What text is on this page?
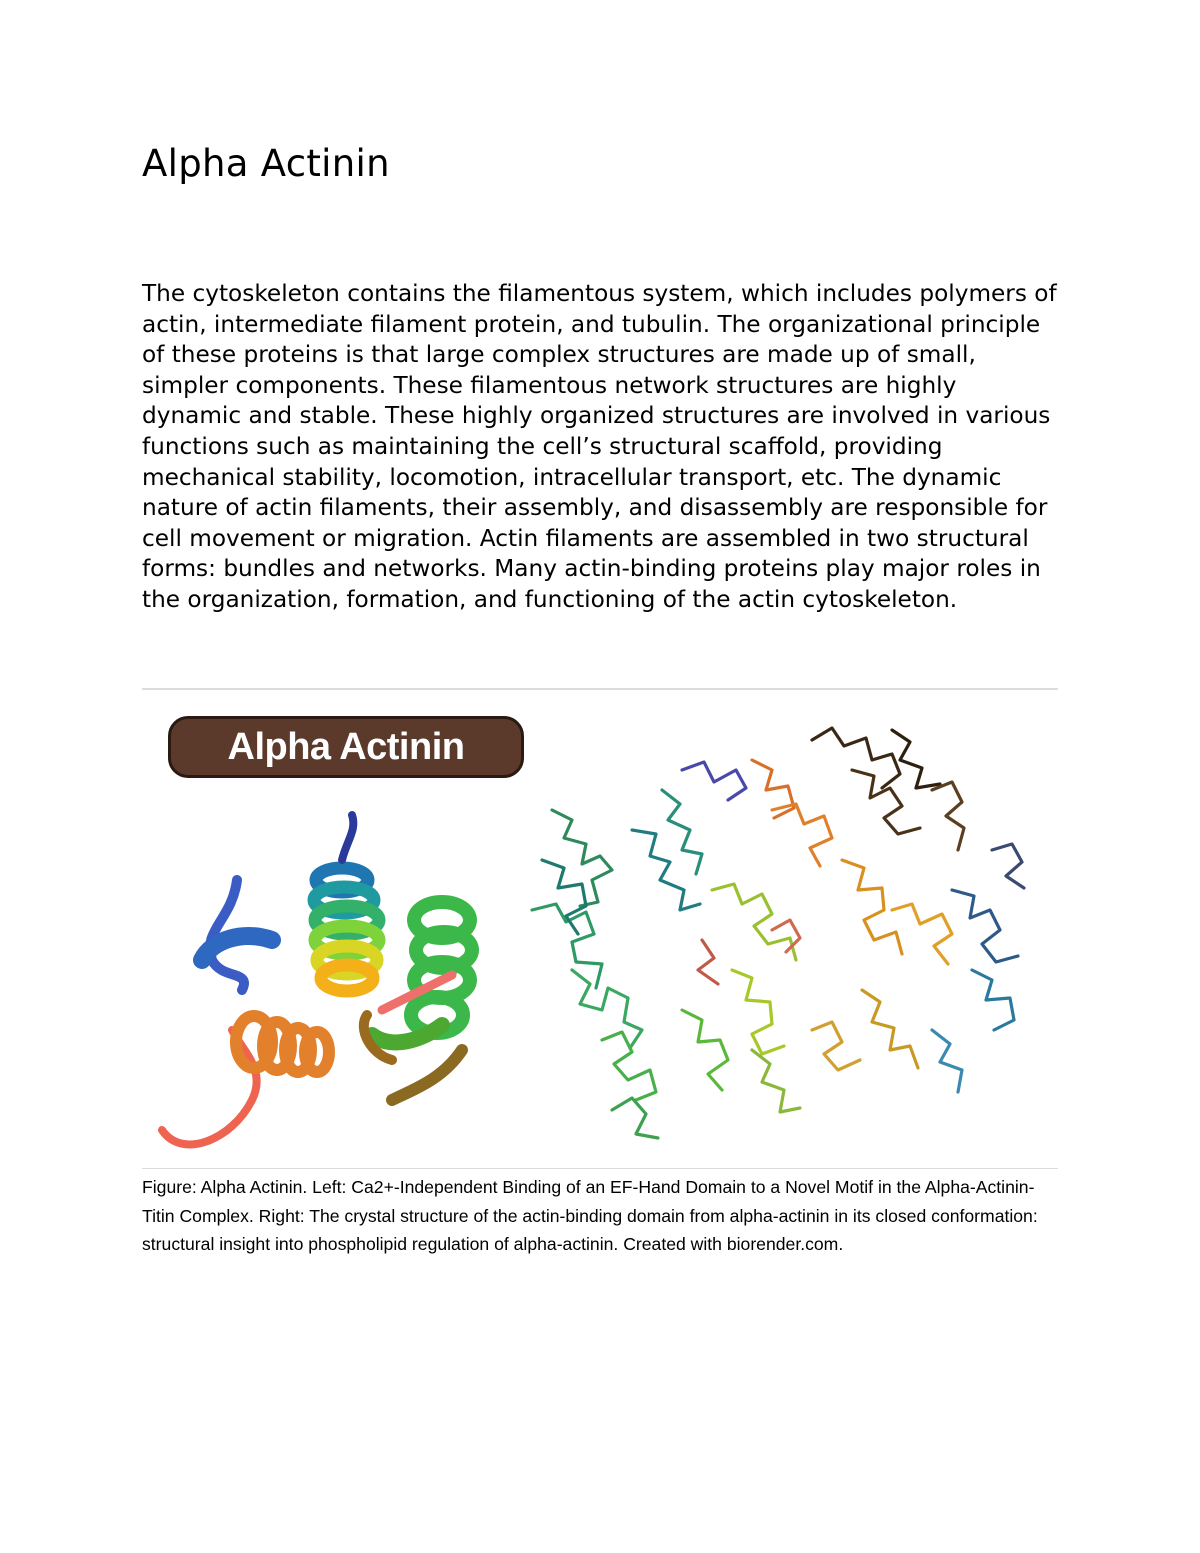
Alpha Actinin

The cytoskeleton contains the filamentous system, which includes polymers of actin, intermediate filament protein, and tubulin. The organizational principle of these proteins is that large complex structures are made up of small, simpler components. These filamentous network structures are highly dynamic and stable. These highly organized structures are involved in various functions such as maintaining the cell’s structural scaffold, providing mechanical stability, locomotion, intracellular transport, etc. The dynamic nature of actin filaments, their assembly, and disassembly are responsible for cell movement or migration. Actin filaments are assembled in two structural forms: bundles and networks. Many actin-binding proteins play major roles in the organization, formation, and functioning of the actin cytoskeleton.

Alpha Actinin

Figure: Alpha Actinin. Left: Ca2+-Independent Binding of an EF-Hand Domain to a Novel Motif in the Alpha-Actinin-Titin Complex. Right: The crystal structure of the actin-binding domain from alpha-actinin in its closed conformation: structural insight into phospholipid regulation of alpha-actinin. Created with biorender.com.
